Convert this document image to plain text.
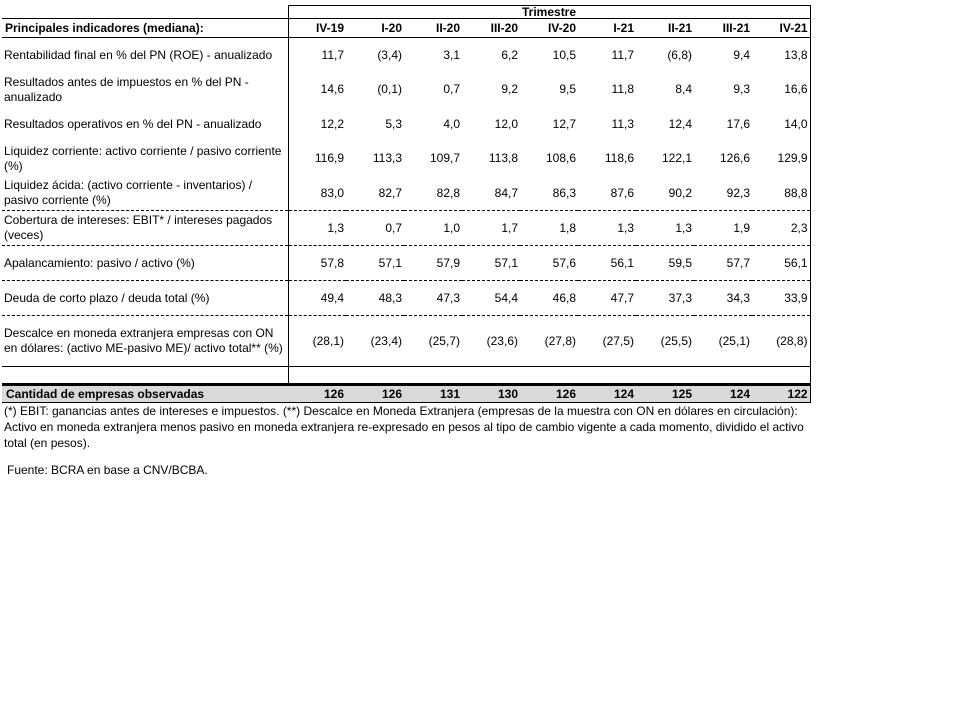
	Trimestre								
Principales indicadores (mediana):	IV-19	I-20	II-20	III-20	IV-20	I-21	II-21	III-21	IV-21
Rentabilidad final en % del PN (ROE) - anualizado	11,7	(3,4)	3,1	6,2	10,5	11,7	(6,8)	9,4	13,8
Resultados antes de impuestos en % del PN - anualizado	14,6	(0,1)	0,7	9,2	9,5	11,8	8,4	9,3	16,6
Resultados operativos en % del PN - anualizado	12,2	5,3	4,0	12,0	12,7	11,3	12,4	17,6	14,0
Liquidez corriente: activo corriente / pasivo corriente (%)	116,9	113,3	109,7	113,8	108,6	118,6	122,1	126,6	129,9
Liquidez ácida: (activo corriente - inventarios) / pasivo corriente (%)	83,0	82,7	82,8	84,7	86,3	87,6	90,2	92,3	88,8
Cobertura de intereses: EBIT* / intereses pagados (veces)	1,3	0,7	1,0	1,7	1,8	1,3	1,3	1,9	2,3
Apalancamiento: pasivo / activo (%)	57,8	57,1	57,9	57,1	57,6	56,1	59,5	57,7	56,1
Deuda de corto plazo / deuda total (%)	49,4	48,3	47,3	54,4	46,8	47,7	37,3	34,3	33,9
Descalce en moneda extranjera empresas con ON en dólares: (activo ME-pasivo ME)/ activo total** (%)	(28,1)	(23,4)	(25,7)	(23,6)	(27,8)	(27,5)	(25,5)	(25,1)	(28,8)

Cantidad de empresas observadas	126	126	131	130	126	124	125	124	122
(*) EBIT: ganancias antes de intereses e impuestos. (**) Descalce en Moneda Extranjera (empresas de la muestra con ON en dólares en circulación): Activo en moneda extranjera menos pasivo en moneda extranjera re-expresado en pesos al tipo de cambio vigente a cada momento, dividido el activo total (en pesos).
Fuente: BCRA en base a CNV/BCBA.
